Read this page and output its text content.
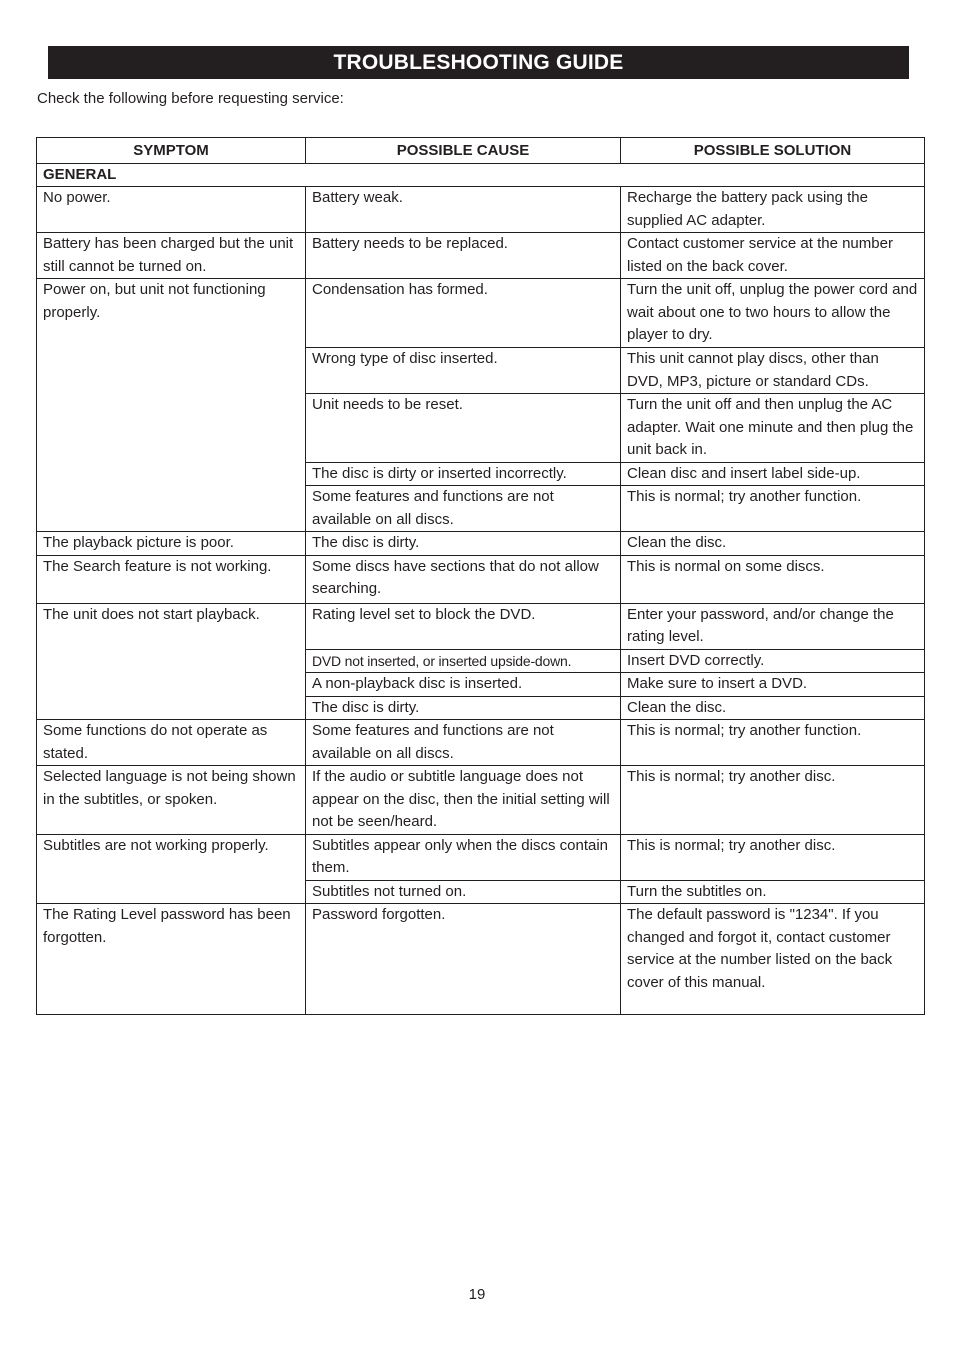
TROUBLESHOOTING GUIDE
Check the following before requesting service:
SYMPTOM	POSSIBLE CAUSE	POSSIBLE SOLUTION
GENERAL		
No power.	Battery weak.	Recharge the battery pack using the supplied AC adapter.
Battery has been charged but the unit still cannot be turned on.	Battery needs to be replaced.	Contact customer service at the number listed on the back cover.
Power on, but unit not functioning properly.	Condensation has formed.	Turn the unit off, unplug the power cord and wait about one to two hours to allow the player to dry.
	Wrong type of disc inserted.	This unit cannot play discs, other than DVD, MP3, picture or standard CDs.
	Unit needs to be reset.	Turn the unit off and then unplug the AC adapter. Wait one minute and then plug the unit back in.
	The disc is dirty or inserted incorrectly.	Clean disc and insert label side-up.
	Some features and functions are not available on all discs.	This is normal; try another function.
The playback picture is poor.	The disc is dirty.	Clean the disc.
The Search feature is not working.	Some discs have sections that do not allow searching.	This is normal on some discs.
The unit does not start playback.	Rating level set to block the DVD.	Enter your password, and/or change the rating level.
	DVD not inserted, or inserted upside-down.	Insert DVD correctly.
	A non-playback disc is inserted.	Make sure to insert a DVD.
	The disc is dirty.	Clean the disc.
Some functions do not operate as stated.	Some features and functions are not available on all discs.	This is normal; try another function.
Selected language is not being shown in the subtitles, or spoken.	If the audio or subtitle language does not appear on the disc, then the initial setting will not be seen/heard.	This is normal; try another disc.
Subtitles are not working properly.	Subtitles appear only when the discs contain them.	This is normal; try another disc.
	Subtitles not turned on.	Turn the subtitles on.
The Rating Level password has been forgotten.	Password forgotten.	The default password is "1234". If you changed and forgot it, contact customer service at the number listed on the back cover of this manual.
19
